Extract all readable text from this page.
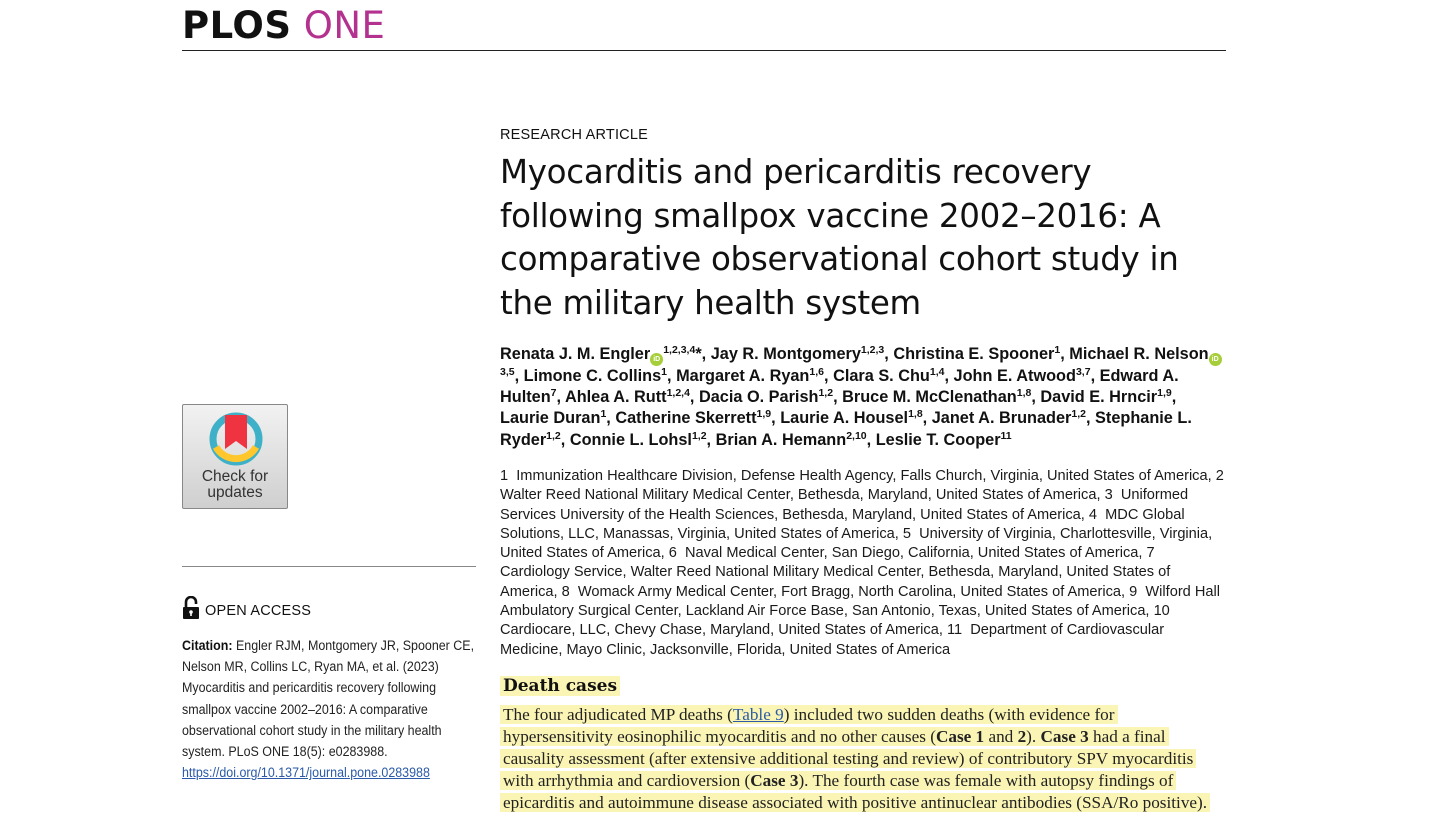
PLOS ONE
Check for updates
OPEN ACCESS
Citation: Engler RJM, Montgomery JR, Spooner CE, Nelson MR, Collins LC, Ryan MA, et al. (2023) Myocarditis and pericarditis recovery following smallpox vaccine 2002–2016: A comparative observational cohort study in the military health system. PLoS ONE 18(5): e0283988. https://doi.org/10.1371/journal.pone.0283988
RESEARCH ARTICLE
Myocarditis and pericarditis recovery following smallpox vaccine 2002–2016: A comparative observational cohort study in the military health system
Renata J. M. Engler iD$^{1,2,3,4}$*, Jay R. Montgomery$^{1,2,3}$, Christina E. Spooner$^1$, Michael R. Nelson iD$^{3,5}$, Limone C. Collins$^1$, Margaret A. Ryan$^{1,6}$, Clara S. Chu$^{1,4}$, John E. Atwood$^{3,7}$, Edward A. Hulten$^7$, Ahlea A. Rutt$^{1,2,4}$, Dacia O. Parish$^{1,2}$, Bruce M. McClenathan$^{1,8}$, David E. Hrncir$^{1,9}$, Laurie Duran$^1$, Catherine Skerrett$^{1,9}$, Laurie A. Housel$^{1,8}$, Janet A. Brunader$^{1,2}$, Stephanie L. Ryder$^{1,2}$, Connie L. Lohsl$^{1,2}$, Brian A. Hemann$^{2,10}$, Leslie T. Cooper$^{11}$
1 Immunization Healthcare Division, Defense Health Agency, Falls Church, Virginia, United States of America, 2  Walter Reed National Military Medical Center, Bethesda, Maryland, United States of America, 3 Uniformed Services University of the Health Sciences, Bethesda, Maryland, United States of America, 4 MDC Global Solutions, LLC, Manassas, Virginia, United States of America, 5 University of Virginia, Charlottesville, Virginia, United States of America, 6 Naval Medical Center, San Diego, California, United States of America, 7  Cardiology Service, Walter Reed National Military Medical Center, Bethesda, Maryland, United States of America, 8 Womack Army Medical Center, Fort Bragg, North Carolina, United States of America, 9 Wilford Hall Ambulatory Surgical Center, Lackland Air Force Base, San Antonio, Texas, United States of America, 10  Cardiocare, LLC, Chevy Chase, Maryland, United States of America, 11 Department of Cardiovascular Medicine, Mayo Clinic, Jacksonville, Florida, United States of America
Death cases
The four adjudicated MP deaths (Table 9) included two sudden deaths (with evidence for hypersensitivity eosinophilic myocarditis and no other causes (Case 1 and 2). Case 3 had a final causality assessment (after extensive additional testing and review) of contributory SPV myocarditis with arrhythmia and cardioversion (Case 3). The fourth case was female with autopsy findings of epicarditis and autoimmune disease associated with positive antinuclear antibodies (SSA/Ro positive).
